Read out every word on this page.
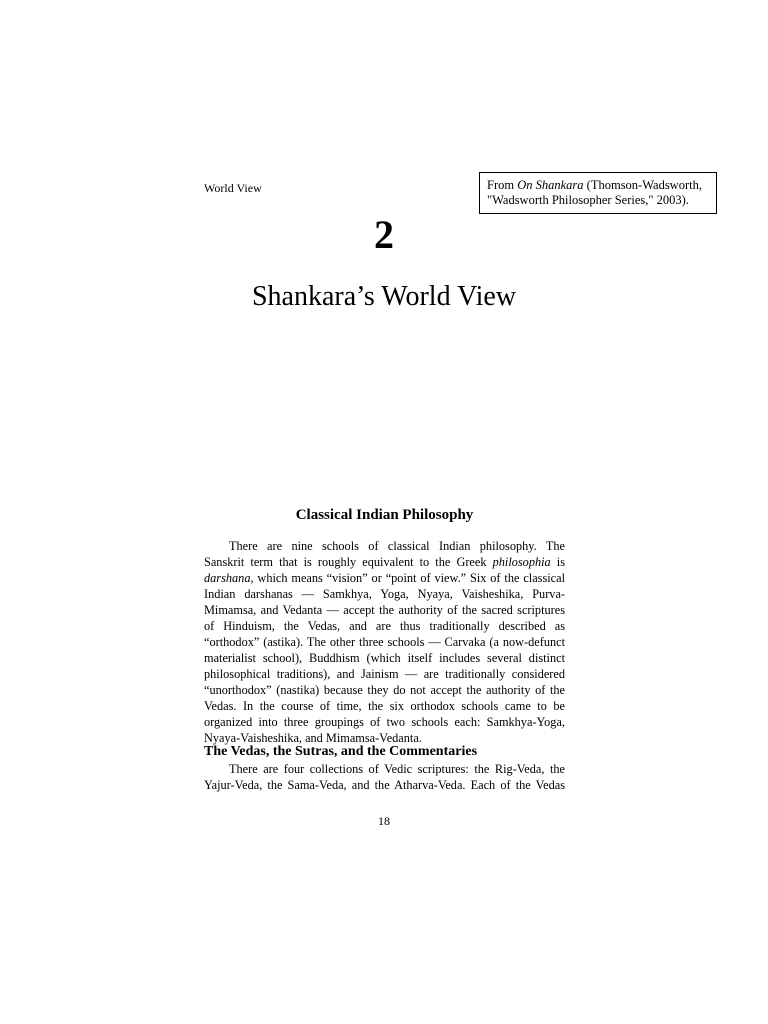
World View	From On Shankara (Thomson-Wadsworth,
"Wadsworth Philosopher Series," 2003).
2
Shankara’s World View
Classical Indian Philosophy
There are nine schools of classical Indian philosophy. The
Sanskrit term that is roughly equivalent to the Greek philosophia is
darshana, which means “vision” or “point of view.” Six of the classical
Indian darshanas — Samkhya, Yoga, Nyaya, Vaisheshika, Purva-
Mimamsa, and Vedanta — accept the authority of the sacred scriptures
of Hinduism, the Vedas, and are thus traditionally described as
“orthodox” (astika). The other three schools — Carvaka (a now-defunct
materialist school), Buddhism (which itself includes several distinct
philosophical traditions), and Jainism — are traditionally considered
“unorthodox” (nastika) because they do not accept the authority of the
Vedas. In the course of time, the six orthodox schools came to be
organized into three groupings of two schools each: Samkhya-Yoga,
Nyaya-Vaisheshika, and Mimamsa-Vedanta.
The Vedas, the Sutras, and the Commentaries
There are four collections of Vedic scriptures: the Rig-Veda, the
Yajur-Veda, the Sama-Veda, and the Atharva-Veda. Each of the Vedas
18
